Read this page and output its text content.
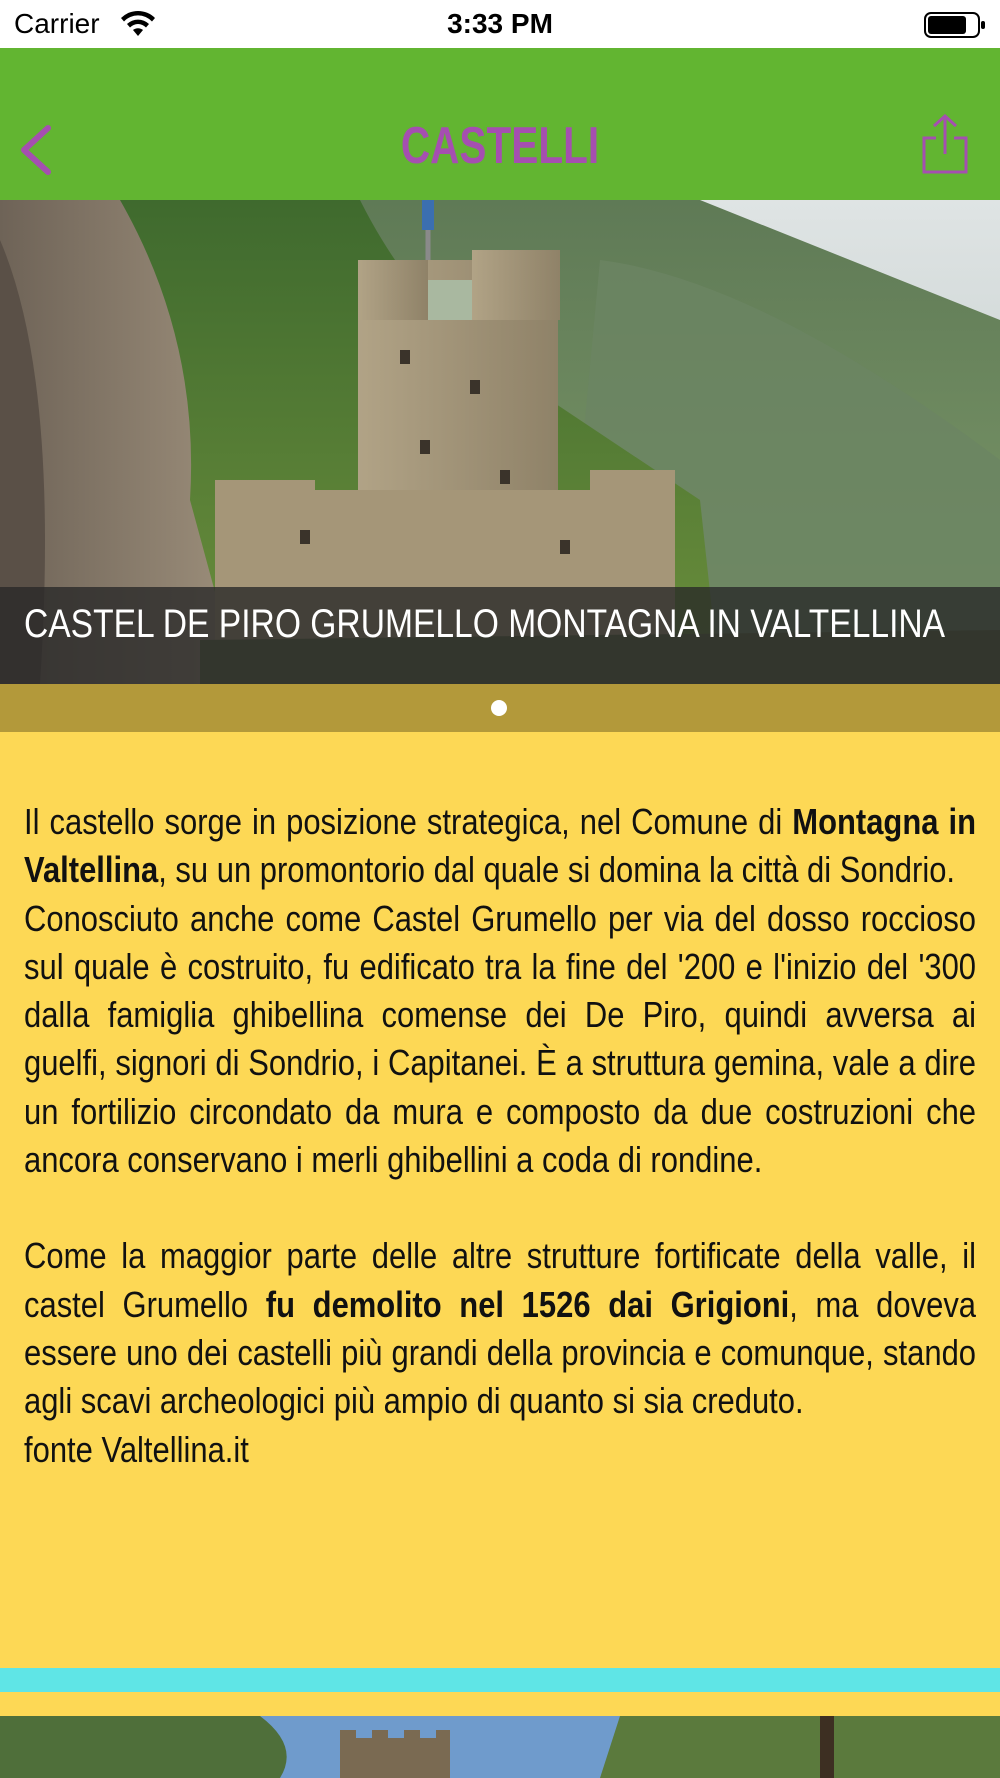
Carrier	3:33 PM
CASTELLI
CASTEL DE PIRO GRUMELLO MONTAGNA IN VALTELLINA

Il castello sorge in posizione strategica, nel Comune di Montagna in Valtellina, su un promontorio dal quale si domina la città di Sondrio.

Conosciuto anche come Castel Grumello per via del dosso roccioso sul quale è costruito, fu edificato tra la fine del '200 e l'inizio del '300 dalla famiglia ghibellina comense dei De Piro, quindi avversa ai guelfi, signori di Sondrio, i Capitanei. È a struttura gemina, vale a dire un fortilizio circondato da mura e composto da due costruzioni che ancora conservano i merli ghibellini a coda di rondine.

Come la maggior parte delle altre strutture fortificate della valle, il castel Grumello fu demolito nel 1526 dai Grigioni, ma doveva essere uno dei castelli più grandi della provincia e comunque, stando agli scavi archeologici più ampio di quanto si sia creduto.

fonte Valtellina.it
